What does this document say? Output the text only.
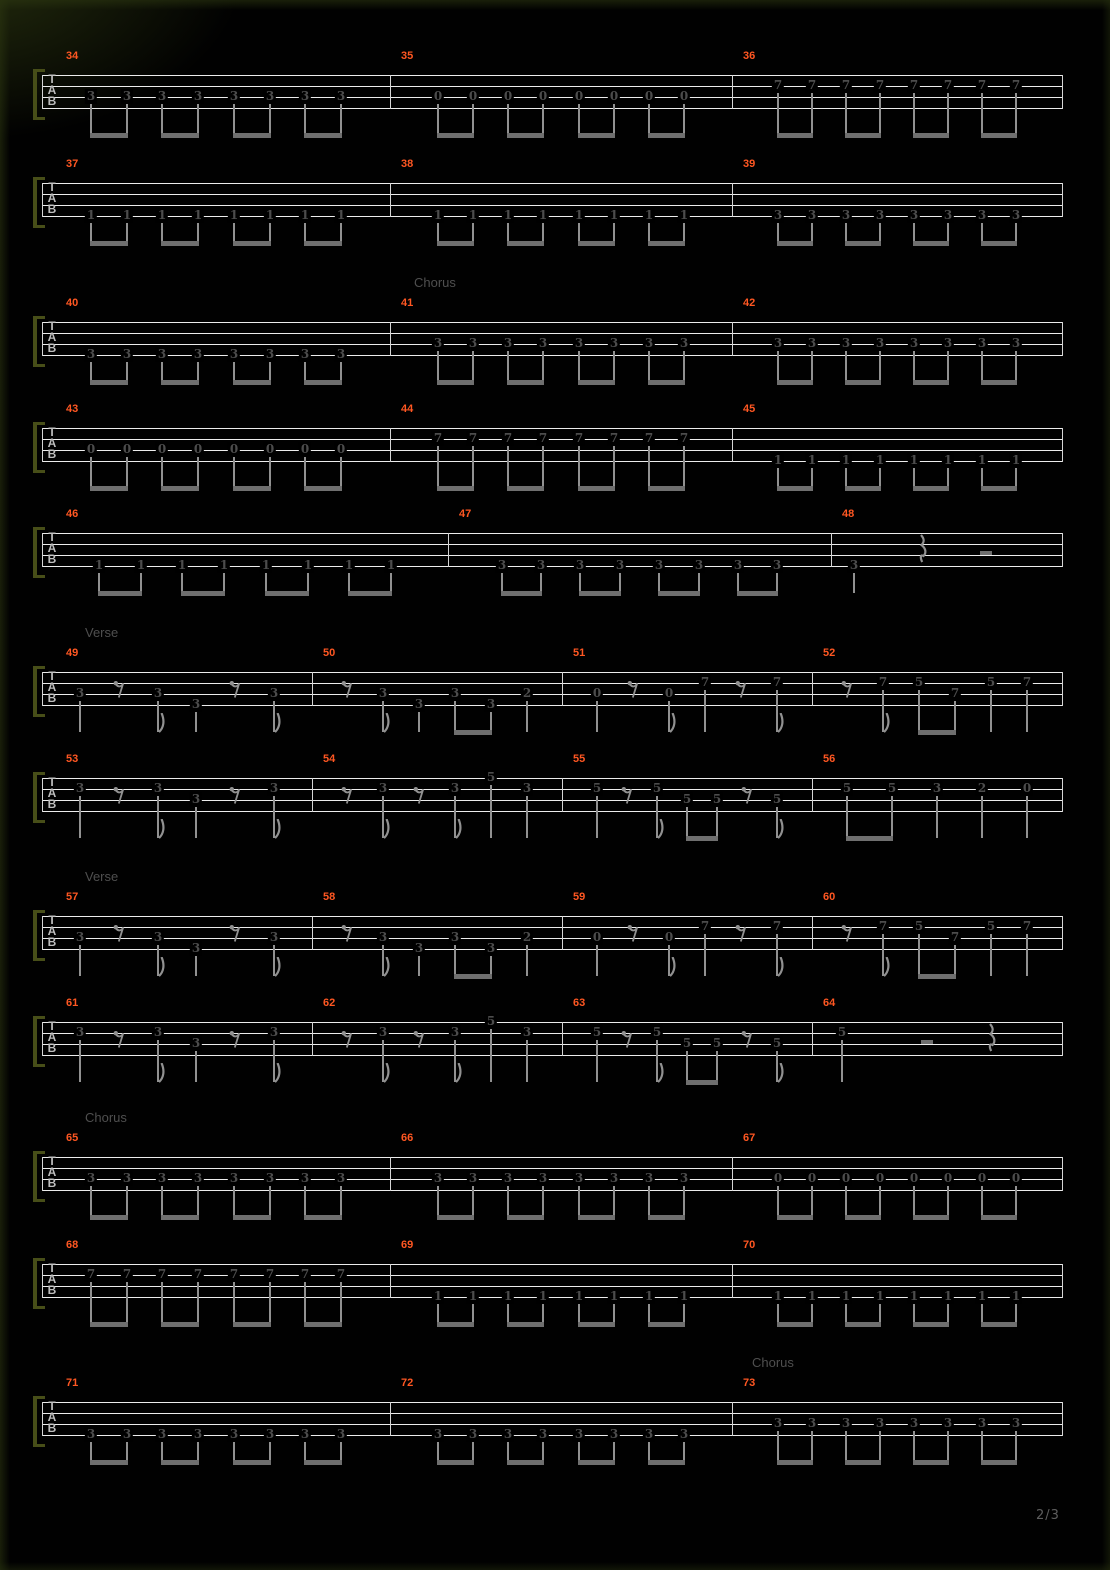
2/3
T
A
B
34
3 3 3 3 3 3 3 3
35
0 0 0 0 0 0 0 0
36
7 7 7 7 7 7 7 7
T
A
B
37
1 1 1 1 1 1 1 1
38
1 1 1 1 1 1 1 1
39
3 3 3 3 3 3 3 3
T
A
B
Chorus
40
3 3 3 3 3 3 3 3
41
3 3 3 3 3 3 3 3
42
3 3 3 3 3 3 3 3
T
A
B
43
0 0 0 0 0 0 0 0
44
7 7 7 7 7 7 7 7
45
1 1 1 1 1 1 1 1
T
A
B
46
1	1	1	1	1	1	1	1
47
3	3	3	3	3	3	3	3
48
3
T
A
B
Verse
49
3	3
3
3
50
3
3
3
3
2
51
0	0
7	7
52
7 5
7
5 7
T
A
B
53
3	3
3
3
54
3	3
5
3
55
5	5
5 5	5
56
5	5	3	2	0
T
A
B
Verse
57
3	3
3
3
58
3
3
3
3
2
59
0	0
7	7
60
7 5
7
5 7
T
A
B
61
3	3
3
3
62
3	3
5
3
63
5	5
5 5	5
64
5
T
A
B
Chorus
65
3 3 3 3 3 3 3 3
66
3 3 3 3 3 3 3 3
67
0 0 0 0 0 0 0 0
T
A
B
68
7 7 7 7 7 7 7 7
69
1 1 1 1 1 1 1 1
70
1 1 1 1 1 1 1 1
T
A
B
Chorus
71
3 3 3 3 3 3 3 3
72
3 3 3 3 3 3 3 3
73
3 3 3 3 3 3 3 3
